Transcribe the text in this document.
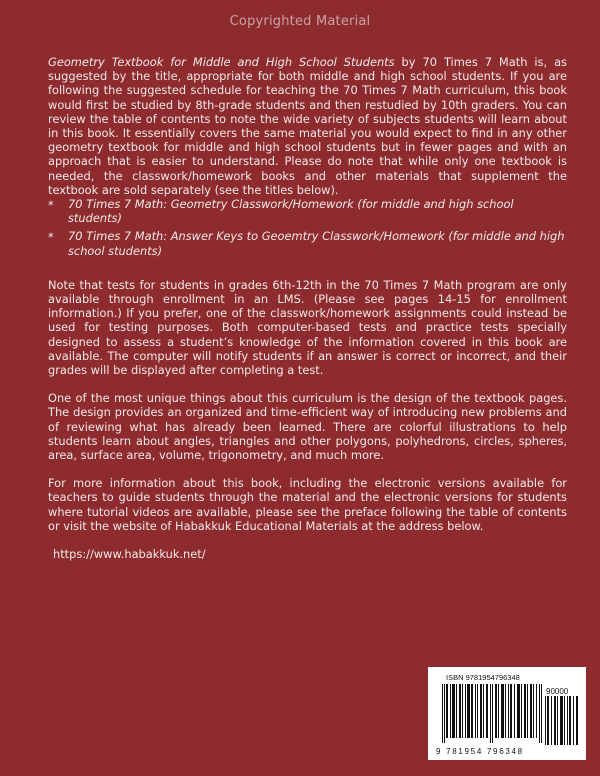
Copyrighted Material

Geometry Textbook for Middle and High School Students by 70 Times 7 Math is, as suggested by the title, appropriate for both middle and high school students. If you are following the suggested schedule for teaching the 70 Times 7 Math curriculum, this book would first be studied by 8th-grade students and then restudied by 10th graders. You can review the table of contents to note the wide variety of subjects students will learn about in this book. It essentially covers the same material you would expect to find in any other geometry textbook for middle and high school students but in fewer pages and with an approach that is easier to understand. Please do note that while only one textbook is needed, the classwork/homework books and other materials that supplement the textbook are sold separately (see the titles below).

* 70 Times 7 Math: Geometry Classwork/Homework (for middle and high school students)
* 70 Times 7 Math: Answer Keys to Geoemtry Classwork/Homework (for middle and high school students)

Note that tests for students in grades 6th-12th in the 70 Times 7 Math program are only available through enrollment in an LMS. (Please see pages 14-15 for enrollment information.) If you prefer, one of the classwork/homework assignments could instead be used for testing purposes. Both computer-based tests and practice tests specially designed to assess a student’s knowledge of the information covered in this book are available. The computer will notify students if an answer is correct or incorrect, and their grades will be displayed after completing a test.

One of the most unique things about this curriculum is the design of the textbook pages. The design provides an organized and time-efficient way of introducing new problems and of reviewing what has already been learned. There are colorful illustrations to help students learn about angles, triangles and other polygons, polyhedrons, circles, spheres, area, surface area, volume, trigonometry, and much more.

For more information about this book, including the electronic versions available for teachers to guide students through the material and the electronic versions for students where tutorial videos are available, please see the preface following the table of contents or visit the website of Habakkuk Educational Materials at the address below.

https://www.habakkuk.net/
ISBN 9781954796348
90000
9 781954 796348
